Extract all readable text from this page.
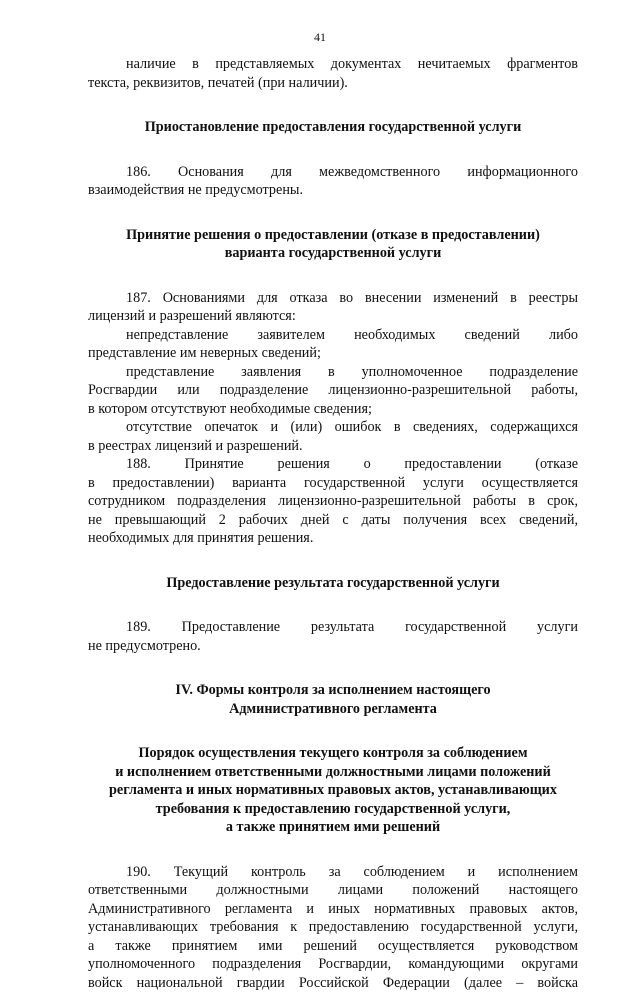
41
наличие в представляемых документах нечитаемых фрагментов
текста, реквизитов, печатей (при наличии).
Приостановление предоставления государственной услуги
186. Основания для межведомственного информационного
взаимодействия не предусмотрены.
Принятие решения о предоставлении (отказе в предоставлении)
варианта государственной услуги
187. Основаниями для отказа во внесении изменений в реестры
лицензий и разрешений являются:
непредставление заявителем необходимых сведений либо
представление им неверных сведений;
представление заявления в уполномоченное подразделение
Росгвардии или подразделение лицензионно-разрешительной работы,
в котором отсутствуют необходимые сведения;
отсутствие опечаток и (или) ошибок в сведениях, содержащихся
в реестрах лицензий и разрешений.
188. Принятие решения о предоставлении (отказе
в предоставлении) варианта государственной услуги осуществляется
сотрудником подразделения лицензионно-разрешительной работы в срок,
не превышающий 2 рабочих дней с даты получения всех сведений,
необходимых для принятия решения.
Предоставление результата государственной услуги
189. Предоставление результата государственной услуги
не предусмотрено.
IV. Формы контроля за исполнением настоящего
Административного регламента
Порядок осуществления текущего контроля за соблюдением
и исполнением ответственными должностными лицами положений
регламента и иных нормативных правовых актов, устанавливающих
требования к предоставлению государственной услуги,
а также принятием ими решений
190. Текущий контроль за соблюдением и исполнением
ответственными должностными лицами положений настоящего
Административного регламента и иных нормативных правовых актов,
устанавливающих требования к предоставлению государственной услуги,
а также принятием ими решений осуществляется руководством
уполномоченного подразделения Росгвардии, командующими округами
войск национальной гвардии Российской Федерации (далее – войска
